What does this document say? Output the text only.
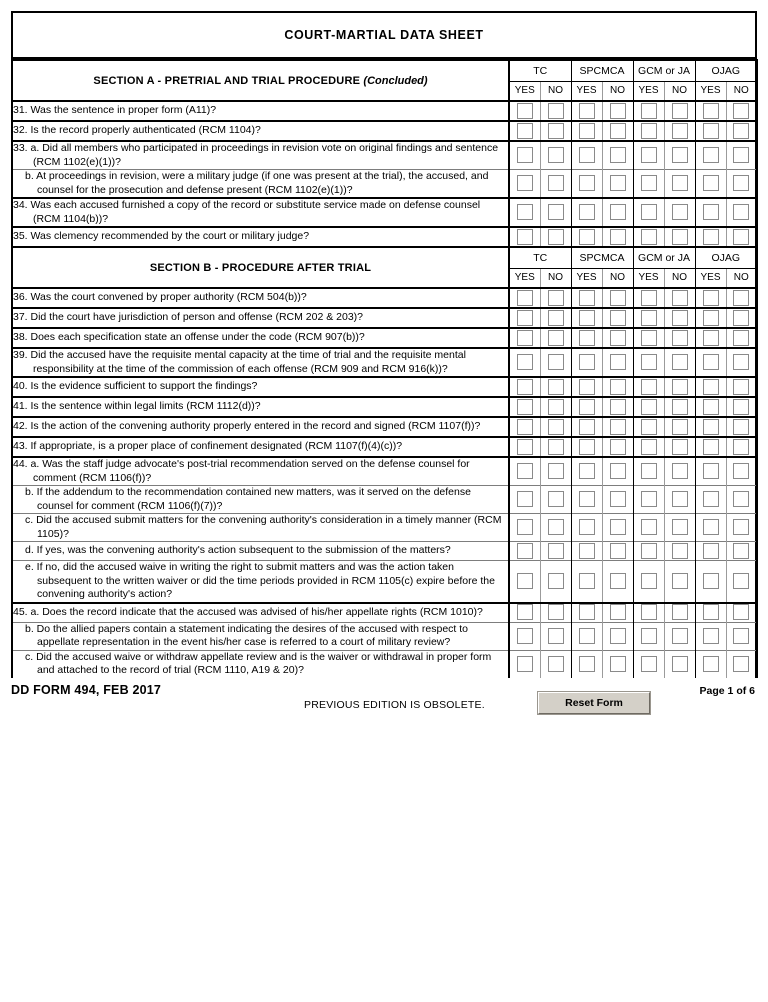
COURT-MARTIAL DATA SHEET
SECTION A - PRETRIAL AND TRIAL PROCEDURE (Concluded)	TC		SPCMCA		GCM or JA		OJAG	
	YES	NO	YES	NO	YES	NO	YES	NO

31. Was the sentence in proper form (A11)?								

32. Is the record properly authenticated (RCM 1104)?								

33. a. Did all members who participated in proceedings in revision vote on original findings and sentence (RCM 1102(e)(1))?								

b. At proceedings in revision, were a military judge (if one was present at the trial), the accused, and counsel for the prosecution and defense present (RCM 1102(e)(1))?								

34. Was each accused furnished a copy of the record or substitute service made on defense counsel (RCM 1104(b))?								

35. Was clemency recommended by the court or military judge?								

SECTION B - PROCEDURE AFTER TRIAL	TC		SPCMCA		GCM or JA		OJAG	
	YES	NO	YES	NO	YES	NO	YES	NO

36. Was the court convened by proper authority (RCM 504(b))?								

37. Did the court have jurisdiction of person and offense (RCM 202 & 203)?								

38. Does each specification state an offense under the code (RCM 907(b))?								

39. Did the accused have the requisite mental capacity at the time of trial and the requisite mental responsibility at the time of the commission of each offense (RCM 909 and RCM 916(k))?								

40. Is the evidence sufficient to support the findings?								

41. Is the sentence within legal limits (RCM 1112(d))?								

42. Is the action of the convening authority properly entered in the record and signed (RCM 1107(f))?								

43. If appropriate, is a proper place of confinement designated (RCM 1107(f)(4)(c))?								

44. a. Was the staff judge advocate's post-trial recommendation served on the defense counsel for comment (RCM 1106(f))?								

b. If the addendum to the recommendation contained new matters, was it served on the defense counsel for comment (RCM 1106(f)(7))?								

c. Did the accused submit matters for the convening authority's consideration in a timely manner (RCM 1105)?								

d. If yes, was the convening authority's action subsequent to the submission of the matters?								

e. If no, did the accused waive in writing the right to submit matters and was the action taken subsequent to the written waiver or did the time periods provided in RCM 1105(c) expire before the convening authority's action?								

45. a. Does the record indicate that the accused was advised of his/her appellate rights (RCM 1010)?								

b. Do the allied papers contain a statement indicating the desires of the accused with respect to appellate representation in the event his/her case is referred to a court of military review?								

c. Did the accused waive or withdraw appellate review and is the waiver or withdrawal in proper form and attached to the record of trial (RCM 1110, A19 & 20)?								

DD FORM 494, FEB 2017
PREVIOUS EDITION IS OBSOLETE.	Reset Form
Page 1 of 6
